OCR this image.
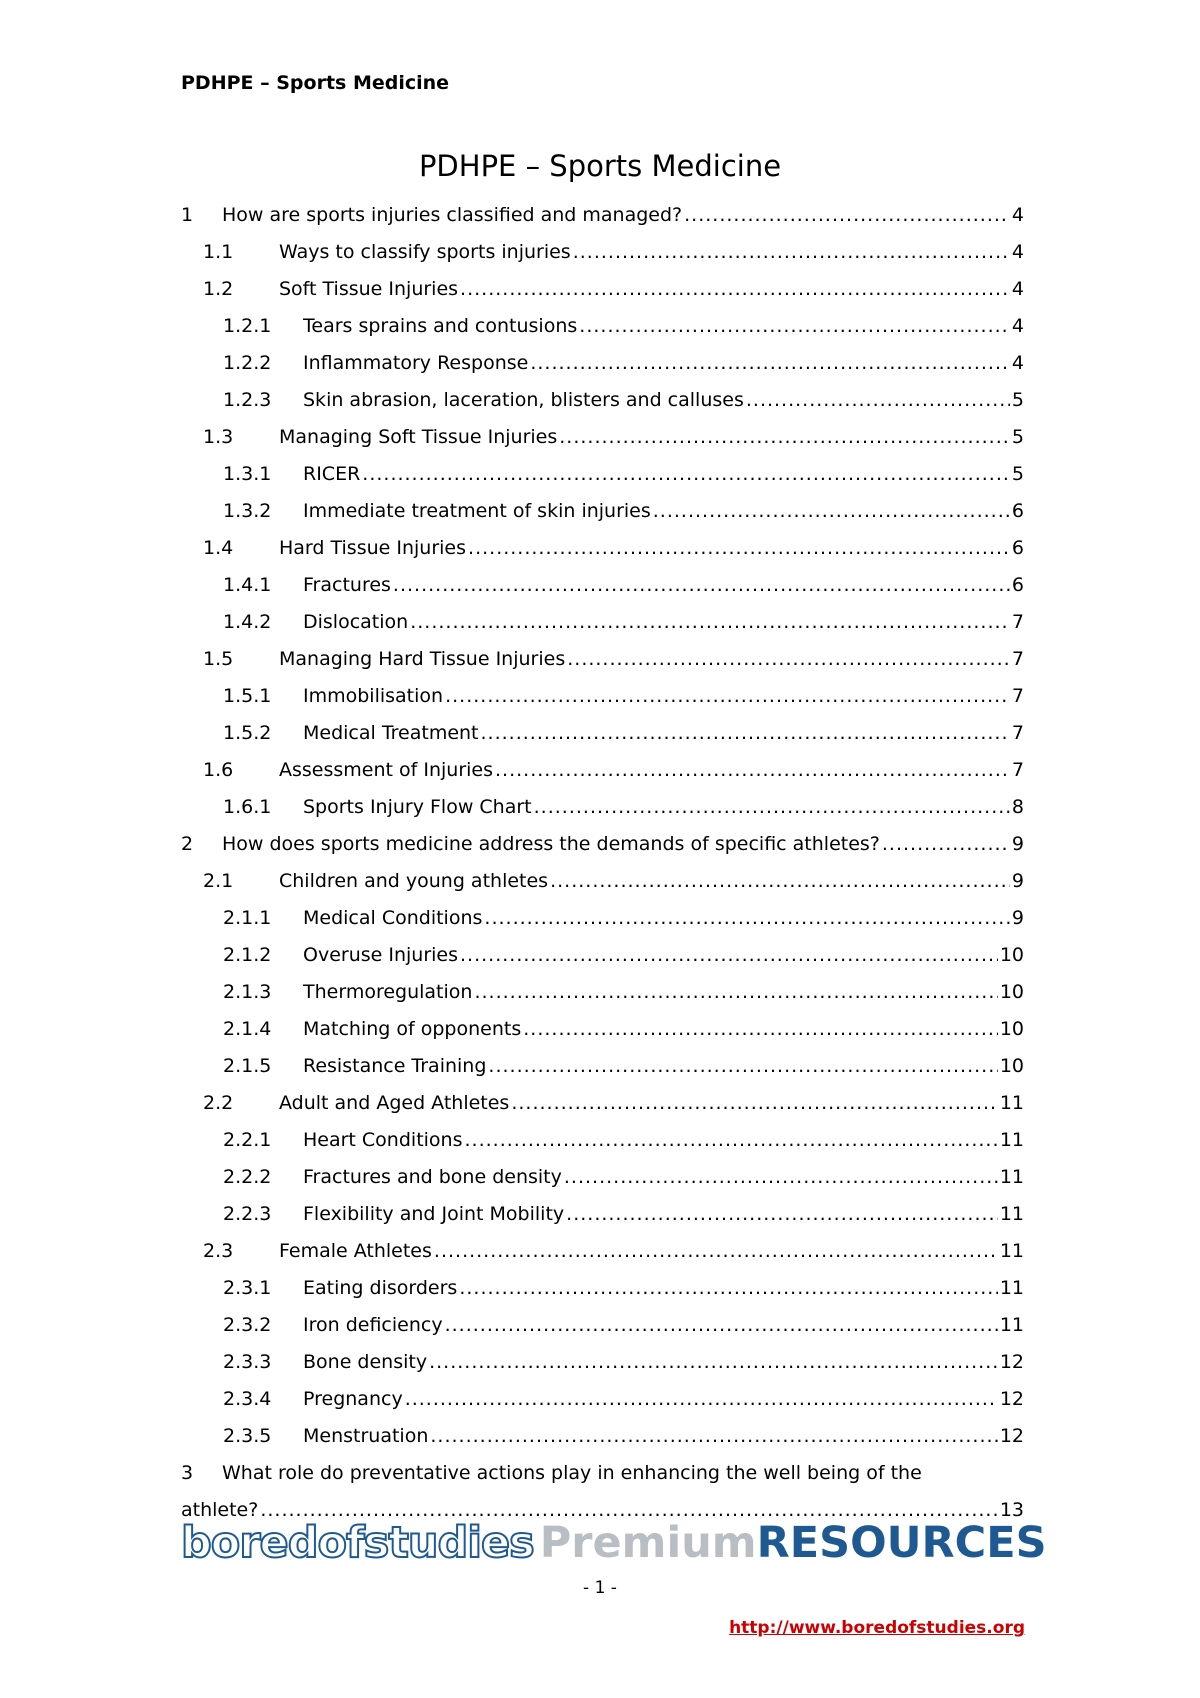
PDHPE – Sports Medicine
PDHPE – Sports Medicine
1	How are sports injuries classified and managed? .....	4
1.1	Ways to classify sports injuries .....	4
1.2	Soft Tissue Injuries .....	4
1.2.1	Tears sprains and contusions .....	4
1.2.2	Inflammatory Response .....	4
1.2.3	Skin abrasion, laceration, blisters and calluses .....	5
1.3	Managing Soft Tissue Injuries .....	5
1.3.1	RICER .....	5
1.3.2	Immediate treatment of skin injuries .....	6
1.4	Hard Tissue Injuries .....	6
1.4.1	Fractures .....	6
1.4.2	Dislocation .....	7
1.5	Managing Hard Tissue Injuries .....	7
1.5.1	Immobilisation .....	7
1.5.2	Medical Treatment .....	7
1.6	Assessment of Injuries .....	7
1.6.1	Sports Injury Flow Chart .....	8
2	How does sports medicine address the demands of specific athletes? .....	9
2.1	Children and young athletes .....	9
2.1.1	Medical Conditions .....	9
2.1.2	Overuse Injuries .....	10
2.1.3	Thermoregulation .....	10
2.1.4	Matching of opponents .....	10
2.1.5	Resistance Training .....	10
2.2	Adult and Aged Athletes .....	11
2.2.1	Heart Conditions .....	11
2.2.2	Fractures and bone density .....	11
2.2.3	Flexibility and Joint Mobility .....	11
2.3	Female Athletes .....	11
2.3.1	Eating disorders .....	11
2.3.2	Iron deficiency .....	11
2.3.3	Bone density .....	12
2.3.4	Pregnancy .....	12
2.3.5	Menstruation .....	12
3	What role do preventative actions play in enhancing the well being of the
athlete? .....	13
boredofstudies Premium RESOURCES
- 1 -
http://www.boredofstudies.org
